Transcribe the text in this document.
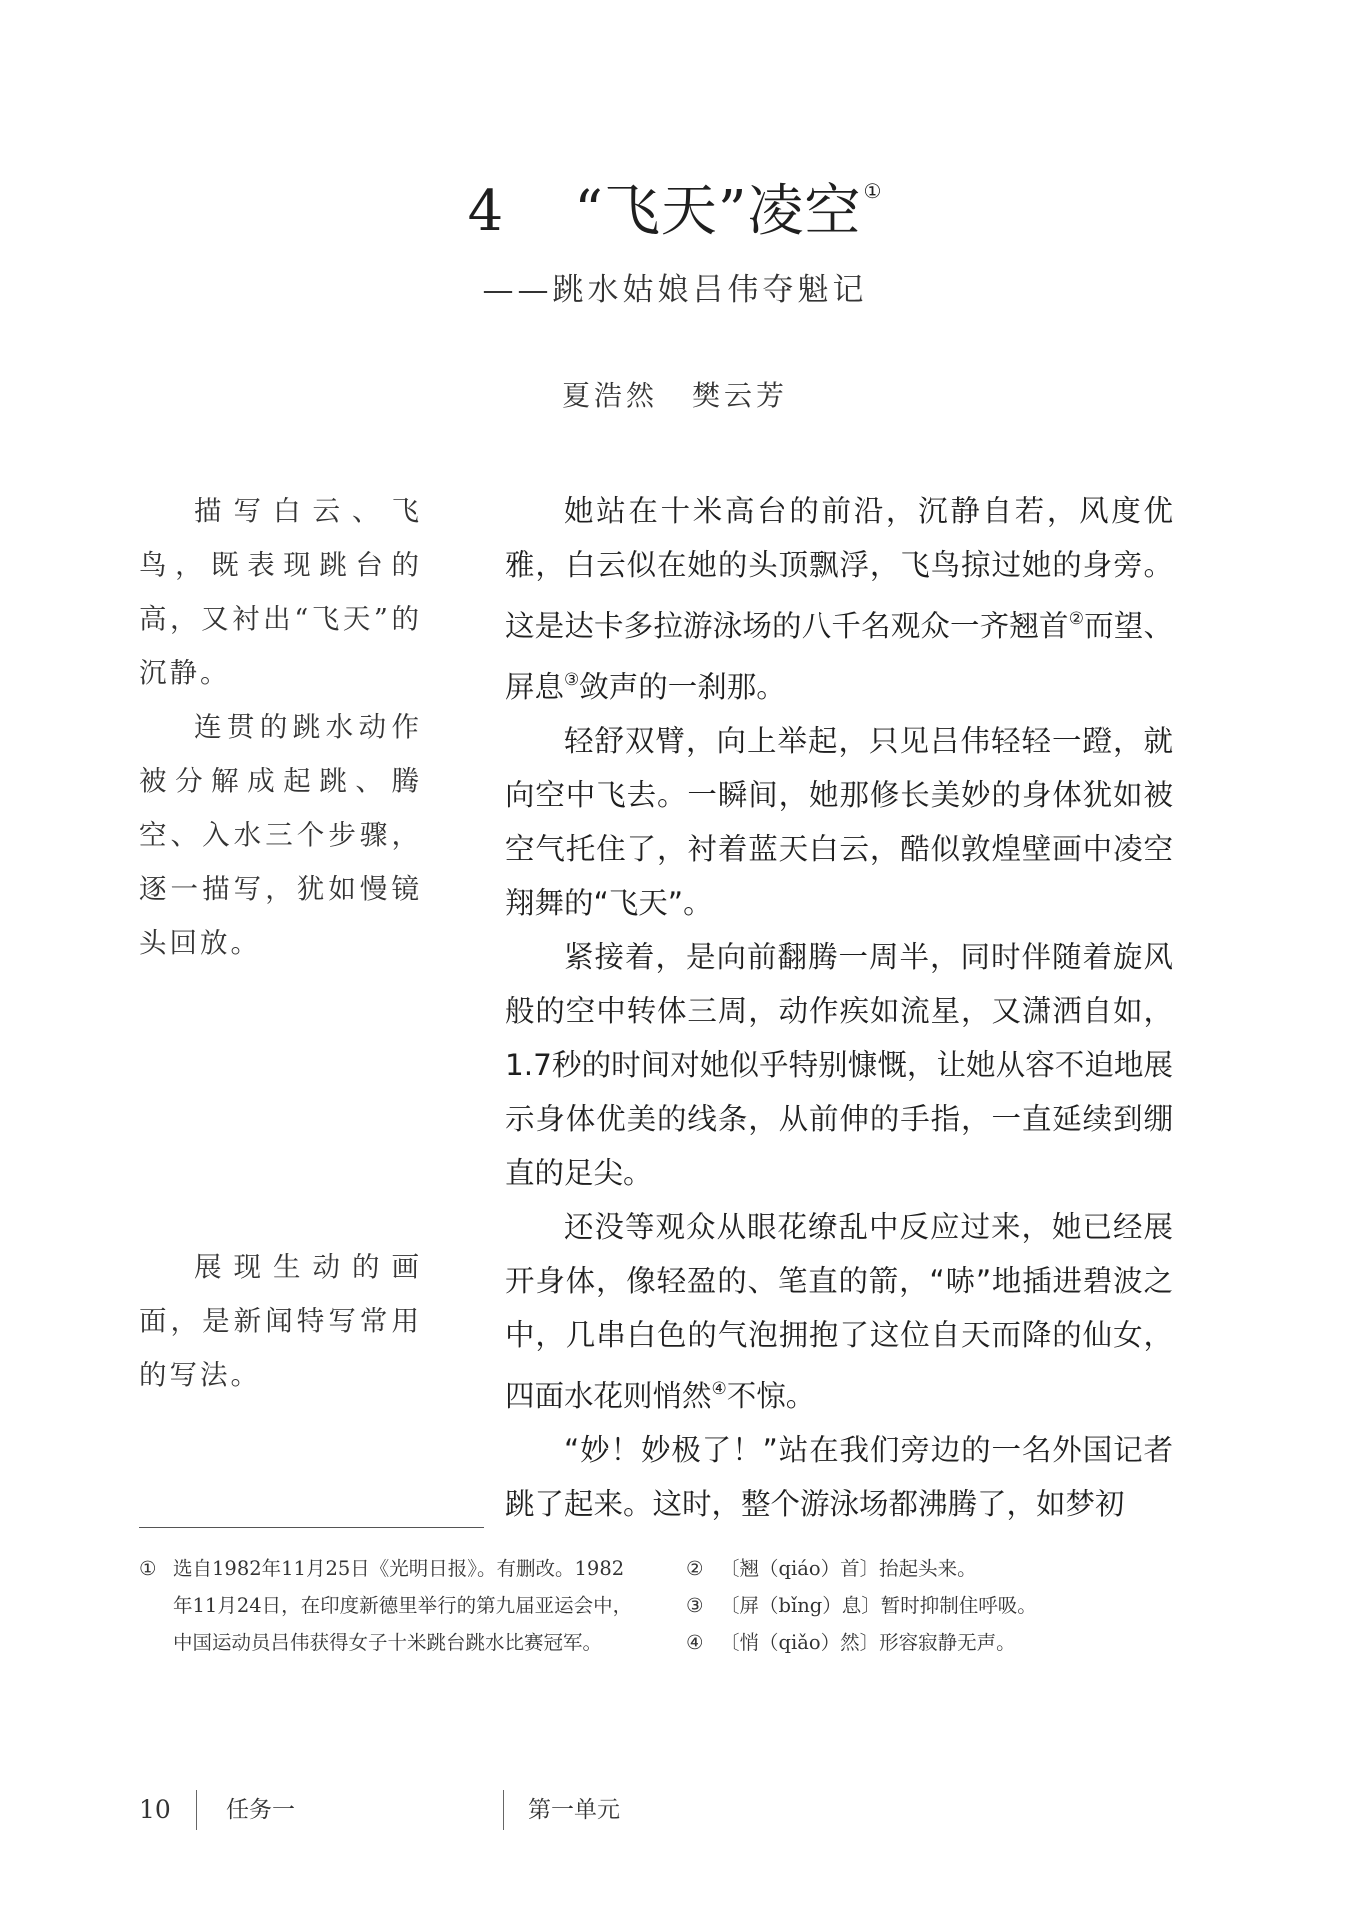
4 “飞天”凌空 ①
——跳水姑娘吕伟夺魁记
夏浩然 樊云芳
描写白云、飞鸟，既表现跳台的高，又衬出“飞天”的沉静。
连贯的跳水动作被分解成起跳、腾空、入水三个步骤，逐一描写，犹如慢镜头回放。
展现生动的画面，是新闻特写常用的写法。

她站在十米高台的前沿，沉静自若，风度优雅，白云似在她的头顶飘浮，飞鸟掠过她的身旁。这是达卡多拉游泳场的八千名观众一齐翘首②而望、屏息③敛声的一刹那。

轻舒双臂，向上举起，只见吕伟轻轻一蹬，就向空中飞去。一瞬间，她那修长美妙的身体犹如被空气托住了，衬着蓝天白云，酷似敦煌壁画中凌空翔舞的“飞天”。

紧接着，是向前翻腾一周半，同时伴随着旋风般的空中转体三周，动作疾如流星，又潇洒自如，1.7秒的时间对她似乎特别慷慨，让她从容不迫地展示身体优美的线条，从前伸的手指，一直延续到绷直的足尖。

还没等观众从眼花缭乱中反应过来，她已经展开身体，像轻盈的、笔直的箭，“哧”地插进碧波之中，几串白色的气泡拥抱了这位自天而降的仙女，四面水花则悄然④不惊。

“妙！妙极了！”站在我们旁边的一名外国记者跳了起来。这时，整个游泳场都沸腾了，如梦初

① 选自1982年11月25日《光明日报》。有删改。1982年11月24日，在印度新德里举行的第九届亚运会中，中国运动员吕伟获得女子十米跳台跳水比赛冠军。

② 〔翘（qiáo）首〕抬起头来。

③ 〔屏（bǐng）息〕暂时抑制住呼吸。

④ 〔悄（qiǎo）然〕形容寂静无声。

10 任务一	第一单元
